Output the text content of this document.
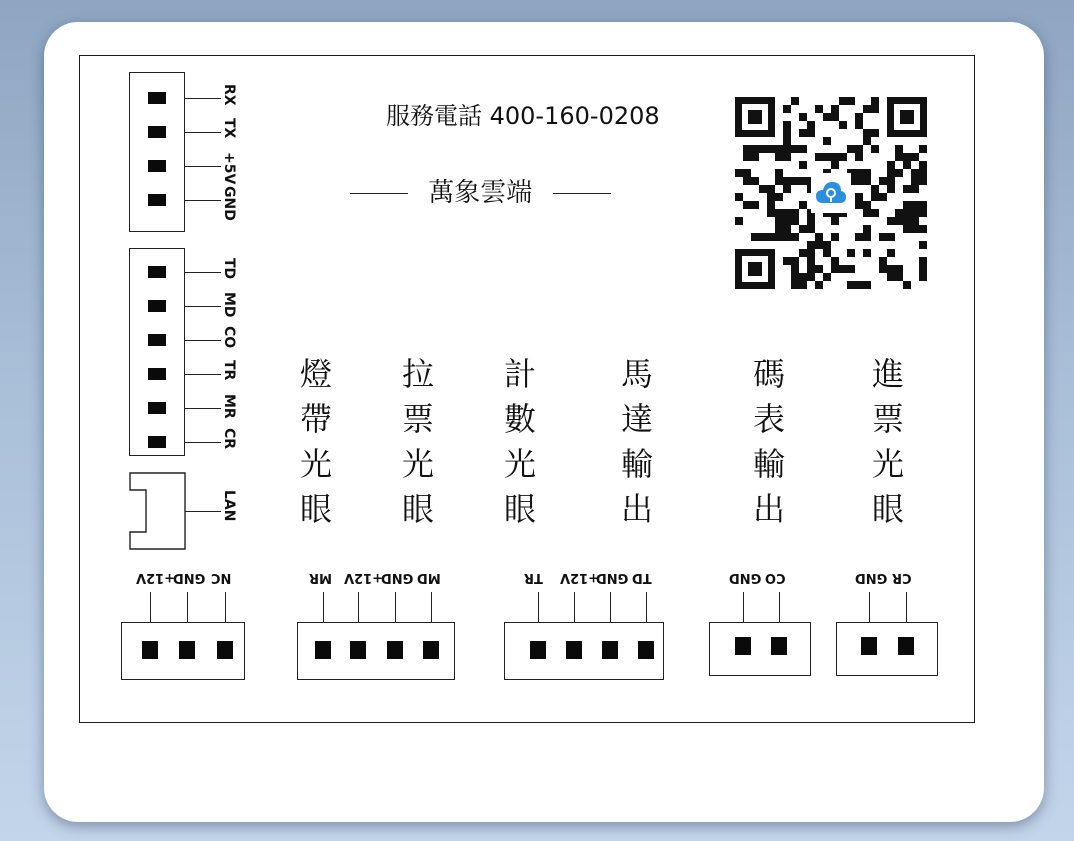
服務電話 400-160-0208
萬象雲端
LAN
RX
TX
+5V
GND
TD
MD
CO
TR
MR
CR
燈
帶
光
眼
拉
票
光
眼
計
數
光
眼
馬
達
輸
出
碼
表
輸
出
進
票
光
眼
+12V
GND NC	MR +12V
GND MD	TR +12V
GND TD	GND CO	GND CR
